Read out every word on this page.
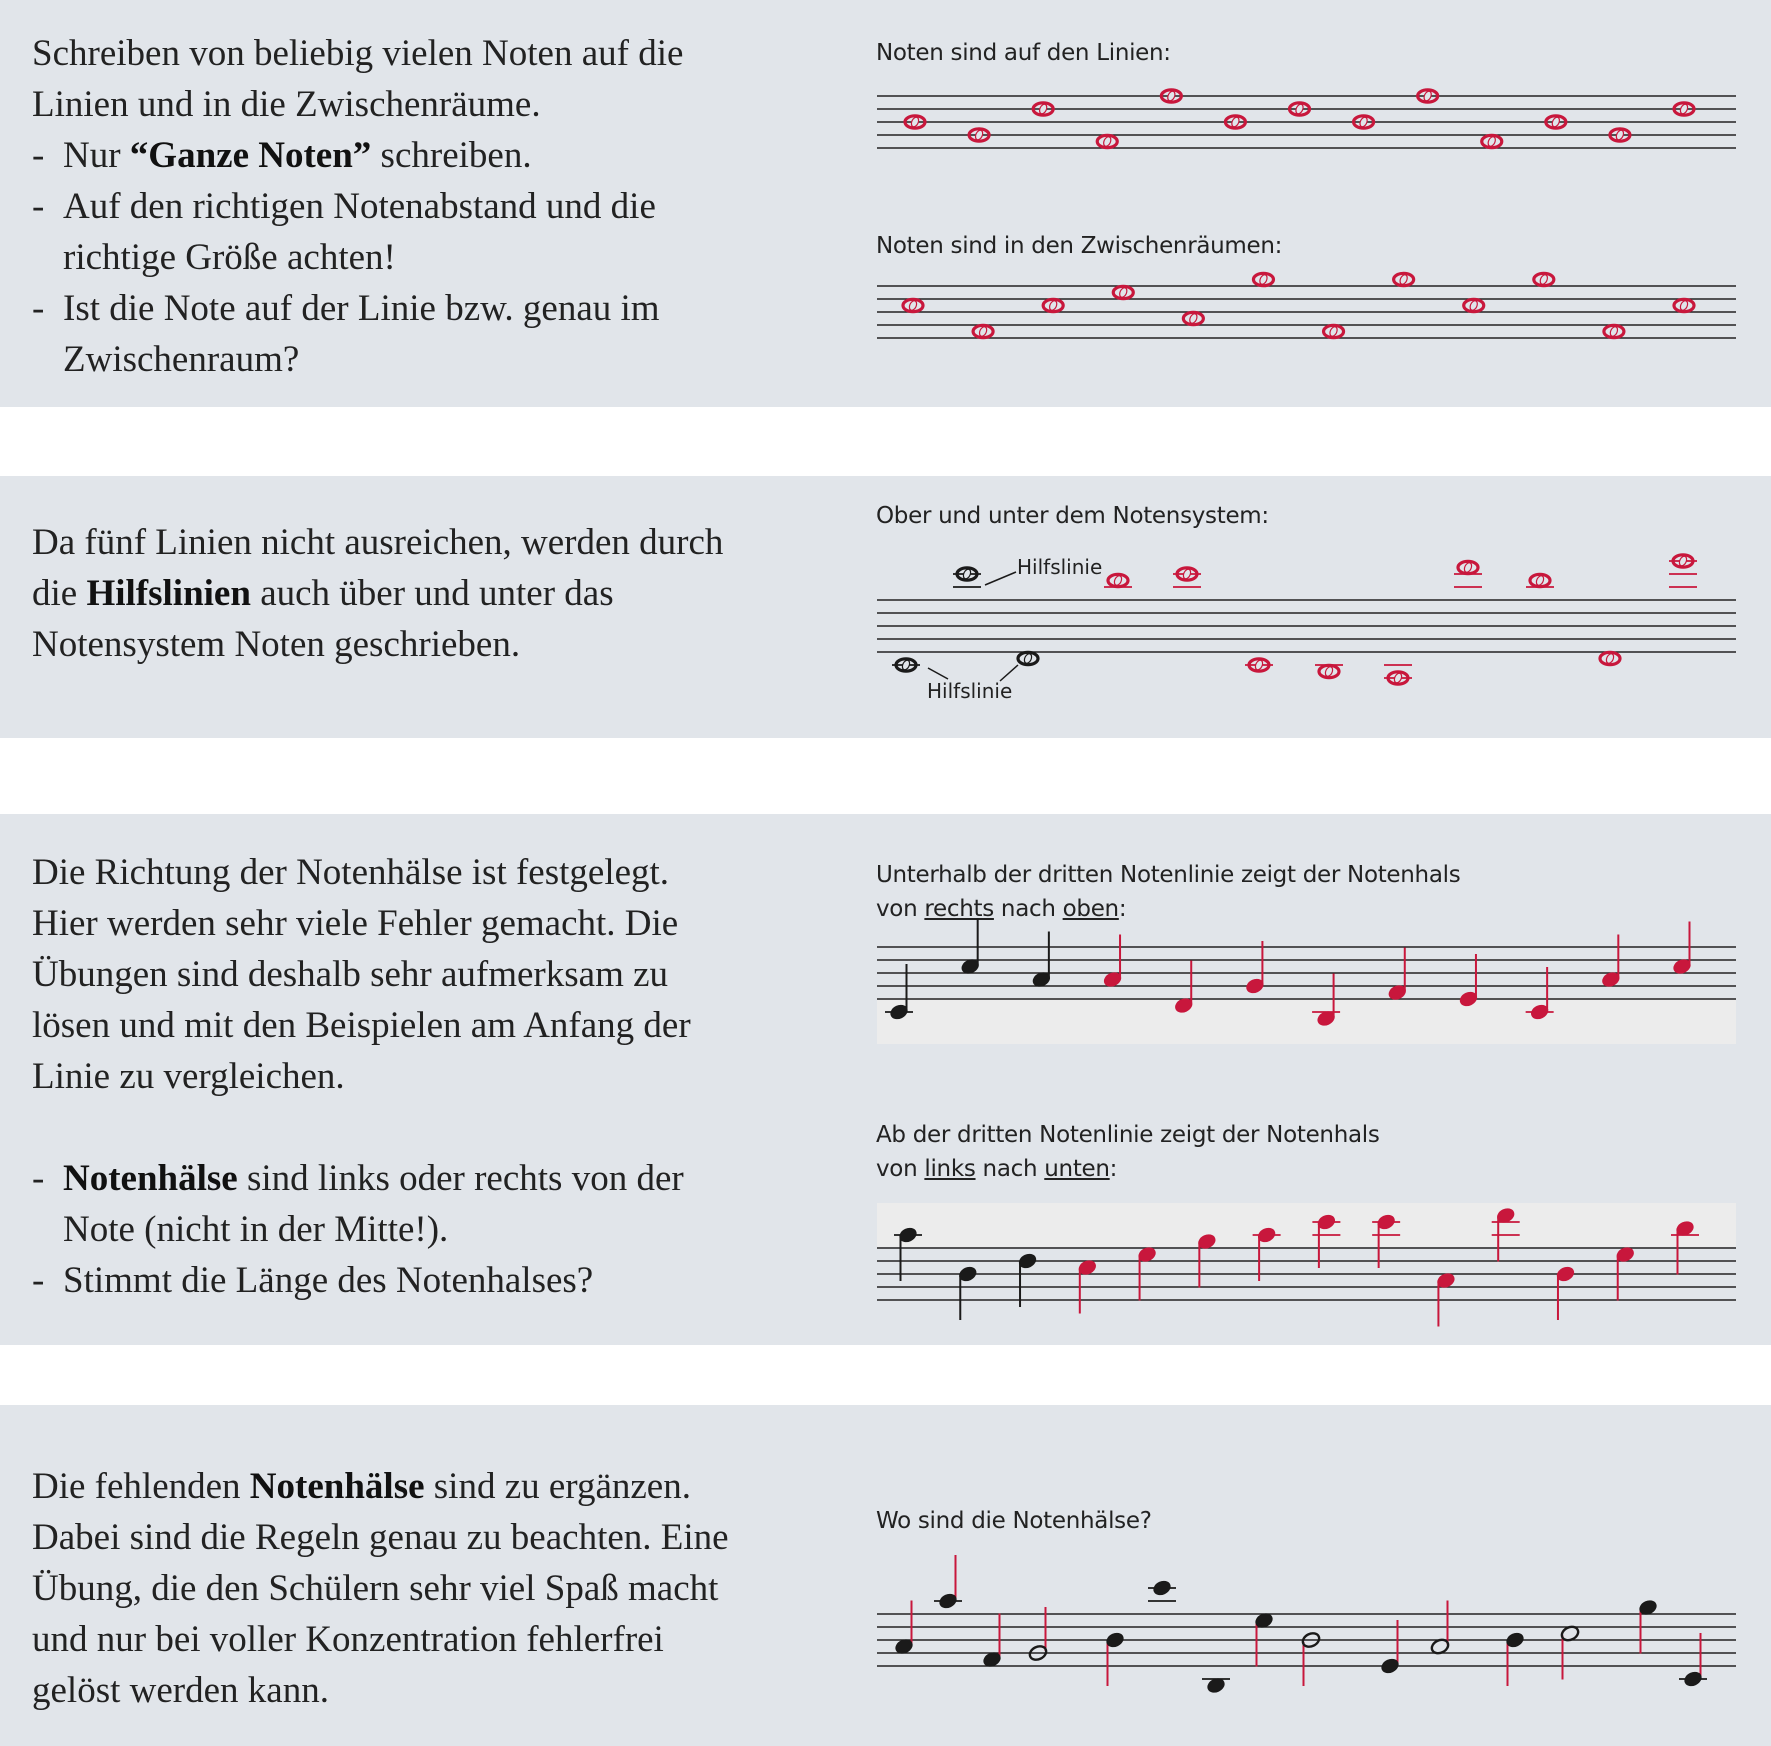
Schreiben von beliebig vielen Noten auf die
Linien und in die Zwischenräume.
- Nur “Ganze Noten” schreiben.
- Auf den richtigen Notenabstand und die
richtige Größe achten!
- Ist die Note auf der Linie bzw. genau im
Zwischenraum?
Noten sind auf den Linien:
Noten sind in den Zwischenräumen:
Da fünf Linien nicht ausreichen, werden durch
die Hilfslinien auch über und unter das
Notensystem Noten geschrieben.
Ober und unter dem Notensystem:
Hilfslinie
Hilfslinie
Die Richtung der Notenhälse ist festgelegt.
Hier werden sehr viele Fehler gemacht. Die
Übungen sind deshalb sehr aufmerksam zu
lösen und mit den Beispielen am Anfang der
Linie zu vergleichen.
- Notenhälse sind links oder rechts von der
Note (nicht in der Mitte!).
- Stimmt die Länge des Notenhalses?
Unterhalb der dritten Notenlinie zeigt der Notenhals
von rechts nach oben:
Ab der dritten Notenlinie zeigt der Notenhals
von links nach unten:
Die fehlenden Notenhälse sind zu ergänzen.
Dabei sind die Regeln genau zu beachten. Eine
Übung, die den Schülern sehr viel Spaß macht
und nur bei voller Konzentration fehlerfrei
gelöst werden kann.
Wo sind die Notenhälse?
